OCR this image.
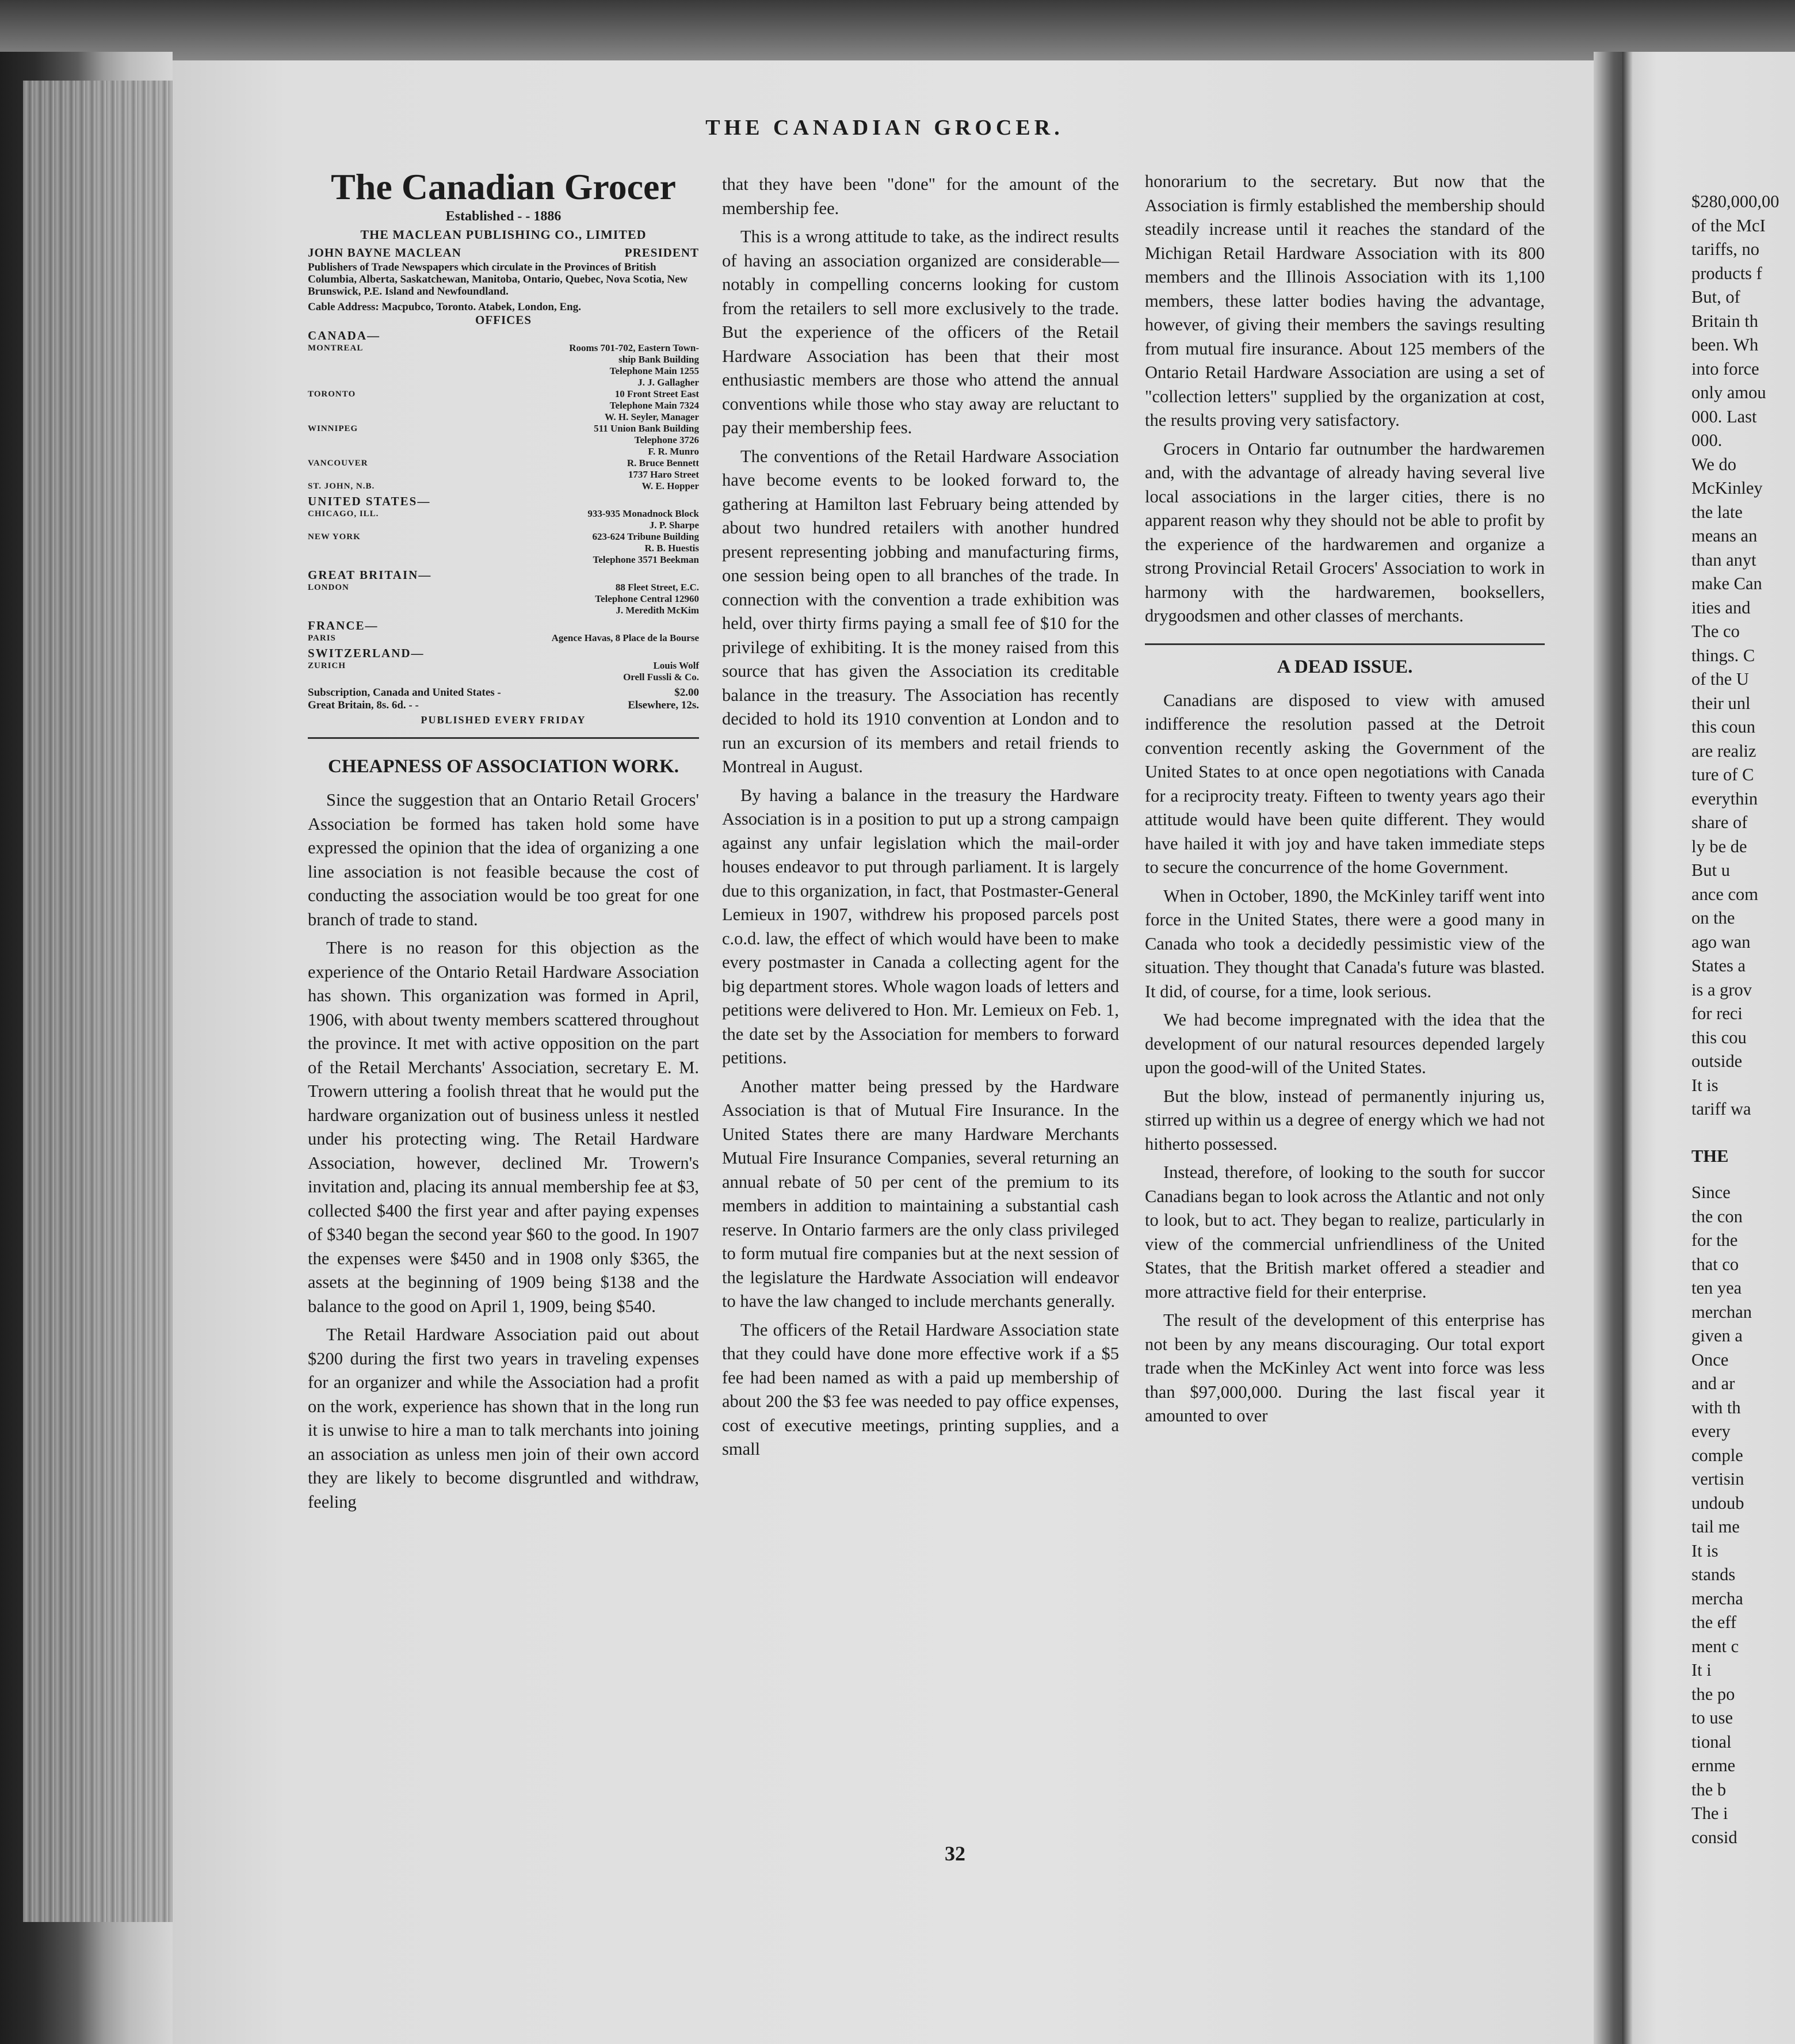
THE CANADIAN GROCER.
The Canadian Grocer
Established - - 1886
THE MACLEAN PUBLISHING CO., LIMITED
JOHN BAYNE MACLEAN	PRESIDENT
Publishers of Trade Newspapers which circulate in the Provinces of British Columbia, Alberta, Saskatchewan, Manitoba, Ontario, Quebec, Nova Scotia, New Brunswick, P.E. Island and Newfoundland.
Cable Address: Macpubco, Toronto. Atabek, London, Eng.
OFFICES
CANADA—
MONTREAL	Rooms 701-702, Eastern Town-
ship Bank Building
Telephone Main 1255
J. J. Gallagher
TORONTO	10 Front Street East
Telephone Main 7324
W. H. Seyler, Manager
WINNIPEG	511 Union Bank Building
Telephone 3726
F. R. Munro
VANCOUVER	R. Bruce Bennett
1737 Haro Street
ST. JOHN, N.B.	W. E. Hopper
UNITED STATES—
CHICAGO, ILL.	933-935 Monadnock Block
J. P. Sharpe
NEW YORK	623-624 Tribune Building
R. B. Huestis
Telephone 3571 Beekman
GREAT BRITAIN—
LONDON	88 Fleet Street, E.C.
Telephone Central 12960
J. Meredith McKim
FRANCE—
PARIS	Agence Havas, 8 Place de la Bourse
SWITZERLAND—
ZURICH	Louis Wolf
Orell Fussli & Co.
Subscription, Canada and United States -	$2.00
Great Britain, 8s. 6d. - -	Elsewhere, 12s.
PUBLISHED EVERY FRIDAY
CHEAPNESS OF ASSOCIATION WORK.

Since the suggestion that an Ontario Retail Grocers' Association be formed has taken hold some have expressed the opinion that the idea of organizing a one line association is not feasible because the cost of conducting the association would be too great for one branch of trade to stand.

There is no reason for this objection as the experience of the Ontario Retail Hardware Association has shown. This organization was formed in April, 1906, with about twenty members scattered throughout the province. It met with active opposition on the part of the Retail Merchants' Association, secretary E. M. Trowern uttering a foolish threat that he would put the hardware organization out of business unless it nestled under his protecting wing. The Retail Hardware Association, however, declined Mr. Trowern's invitation and, placing its annual membership fee at $3, collected $400 the first year and after paying expenses of $340 began the second year $60 to the good. In 1907 the expenses were $450 and in 1908 only $365, the assets at the beginning of 1909 being $138 and the balance to the good on April 1, 1909, being $540.

The Retail Hardware Association paid out about $200 during the first two years in traveling expenses for an organizer and while the Association had a profit on the work, experience has shown that in the long run it is unwise to hire a man to talk merchants into joining an association as unless men join of their own accord they are likely to become disgruntled and withdraw, feeling

that they have been "done" for the amount of the membership fee.

This is a wrong attitude to take, as the indirect results of having an association organized are considerable—notably in compelling concerns looking for custom from the retailers to sell more exclusively to the trade. But the experience of the officers of the Retail Hardware Association has been that their most enthusiastic members are those who attend the annual conventions while those who stay away are reluctant to pay their membership fees.

The conventions of the Retail Hardware Association have become events to be looked forward to, the gathering at Hamilton last February being attended by about two hundred retailers with another hundred present representing jobbing and manufacturing firms, one session being open to all branches of the trade. In connection with the convention a trade exhibition was held, over thirty firms paying a small fee of $10 for the privilege of exhibiting. It is the money raised from this source that has given the Association its creditable balance in the treasury. The Association has recently decided to hold its 1910 convention at London and to run an excursion of its members and retail friends to Montreal in August.

By having a balance in the treasury the Hardware Association is in a position to put up a strong campaign against any unfair legislation which the mail-order houses endeavor to put through parliament. It is largely due to this organization, in fact, that Postmaster-General Lemieux in 1907, withdrew his proposed parcels post c.o.d. law, the effect of which would have been to make every postmaster in Canada a collecting agent for the big department stores. Whole wagon loads of letters and petitions were delivered to Hon. Mr. Lemieux on Feb. 1, the date set by the Association for members to forward petitions.

Another matter being pressed by the Hardware Association is that of Mutual Fire Insurance. In the United States there are many Hardware Merchants Mutual Fire Insurance Companies, several returning an annual rebate of 50 per cent of the premium to its members in addition to maintaining a substantial cash reserve. In Ontario farmers are the only class privileged to form mutual fire companies but at the next session of the legislature the Hardwate Association will endeavor to have the law changed to include merchants generally.

The officers of the Retail Hardware Association state that they could have done more effective work if a $5 fee had been named as with a paid up membership of about 200 the $3 fee was needed to pay office expenses, cost of executive meetings, printing supplies, and a small

honorarium to the secretary. But now that the Association is firmly established the membership should steadily increase until it reaches the standard of the Michigan Retail Hardware Association with its 800 members and the Illinois Association with its 1,100 members, these latter bodies having the advantage, however, of giving their members the savings resulting from mutual fire insurance. About 125 members of the Ontario Retail Hardware Association are using a set of "collection letters" supplied by the organization at cost, the results proving very satisfactory.

Grocers in Ontario far outnumber the hardwaremen and, with the advantage of already having several live local associations in the larger cities, there is no apparent reason why they should not be able to profit by the experience of the hardwaremen and organize a strong Provincial Retail Grocers' Association to work in harmony with the hardwaremen, booksellers, drygoodsmen and other classes of merchants.

A DEAD ISSUE.

Canadians are disposed to view with amused indifference the resolution passed at the Detroit convention recently asking the Government of the United States to at once open negotiations with Canada for a reciprocity treaty. Fifteen to twenty years ago their attitude would have been quite different. They would have hailed it with joy and have taken immediate steps to secure the concurrence of the home Government.

When in October, 1890, the McKinley tariff went into force in the United States, there were a good many in Canada who took a decidedly pessimistic view of the situation. They thought that Canada's future was blasted. It did, of course, for a time, look serious.

We had become impregnated with the idea that the development of our natural resources depended largely upon the good-will of the United States.

But the blow, instead of permanently injuring us, stirred up within us a degree of energy which we had not hitherto possessed.

Instead, therefore, of looking to the south for succor Canadians began to look across the Atlantic and not only to look, but to act. They began to realize, particularly in view of the commercial unfriendliness of the United States, that the British market offered a steadier and more attractive field for their enterprise.

The result of the development of this enterprise has not been by any means discouraging. Our total export trade when the McKinley Act went into force was less than $97,000,000. During the last fiscal year it amounted to over

$280,000,00
of the McI
tariffs, no
products f
But, of
Britain th
been. Wh
into force
only amou
000. Last
000.
We do
McKinley
the late
means an
than anyt
make Can
ities and
The co
things. C
of the U
their unl
this coun
are realiz
ture of C
everythin
share of
ly be de
But u
ance com
on the
ago wan
States a
is a grov
for reci
this cou
outside
It is
tariff wa
THE
Since
the con
for the
that co
ten yea
merchan
given a
Once
and ar
with th
every
comple
vertisin
undoub
tail me
It is
stands
mercha
the eff
ment c
It i
the po
to use
tional
ernme
the b
The i
consid
32
